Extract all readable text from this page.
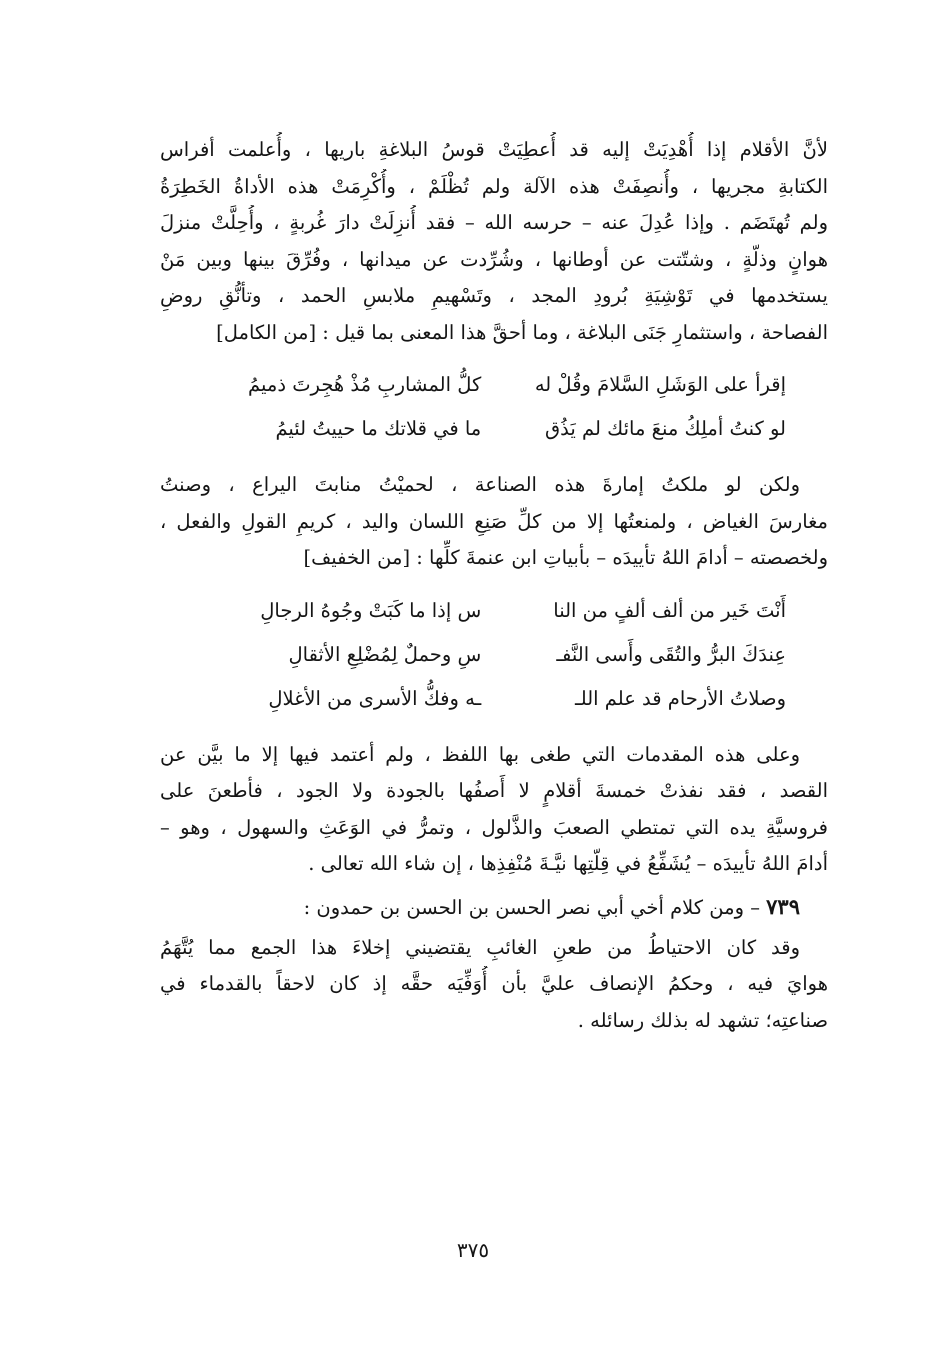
لأنَّ الأقلام إذا أُهْدِيَتْ إليه قد أُعطِيَتْ قوسُ البلاغةِ باريها ، وأُعلمت أفراس
الكتابةِ مجريها ، وأُنصِفَتْ هذه الآلة ولم تُظْلَمْ ، وأُكْرِمَتْ هذه الأداةُ الخَطِرَةُ
ولم تُهتَضَم . وإذا عُدِلَ عنه – حرسه الله – فقد أُنزِلَتْ دارَ غُربةٍ ، وأُحِلَّتْ منزلَ
هوانٍ وذلّةٍ ، وشتّتت عن أوطانها ، وشُرِّدت عن ميدانها ، وفُرِّقَ بينها وبين مَنْ
يستخدمها في تَوْشِيَةِ بُرودِ المجد ، وتَسْهيمِ ملابسِ الحمد ، وتأنُّقِ روضِ
الفصاحة ، واستثمارِ جَنَى البلاغة ، وما أحقَّ هذا المعنى بما قيل : [من الكامل]
إقرأ على الوَشَلِ السَّلامَ وقُلْ له
كلُّ المشاربِ مُذْ هُجِرتَ ذميمُ
لو كنتُ أملِكُ منعَ مائك لم يَذُق
ما في قلاتك ما حييتُ لئيمُ
ولكن لو ملكتُ إمارةَ هذه الصناعة ، لحميْتُ منابتَ اليراع ، وصنتُ
مغارسَ الغياض ، ولمنعتُها إلا من كلِّ صَنِعِ اللسان واليد ، كريمِ القولِ والفعل ،
ولخصصته – أدامَ اللهُ تأييدَه – بأبياتِ ابن عنمةَ كلِّها : [من الخفيف]
أَنْتَ خَير من ألف ألفٍ من النا
س إذا ما كَبَتْ وجُوهُ الرجالِ
عِندَكَ البرُّ والتُقَى وأَسى النَّفـ
سِ وحملٌ لِمُضْلِعِ الأثقالِ
وصلاتُ الأرحام قد علم اللـ
ـه وفكُّ الأسرى من الأغلالِ
وعلى هذه المقدمات التي طغى بها اللفظ ، ولم أعتمد فيها إلا ما بيَّن عن
القصد ، فقد نفذتْ خمسةَ أقلامٍ لا أَصفُها بالجودة ولا الجود ، فأطعنَ على
فروسيَّةِ يده التي تمتطي الصعبَ والذَّلول ، وتمرُّ في الوَعَثِ والسهول ، وهو –
أدامَ اللهُ تأييدَه – يُشَفِّعُ في قِلّتِها نيَّـةَ مُنْفِذِها ، إن شاء الله تعالى .
٧٣٩ – ومن كلام أخي أبي نصر الحسن بن الحسن بن حمدون :
وقد كان الاحتياطُ من طعنِ الغائبِ يقتضيني إخلاءَ هذا الجمع مما يُتَّهَمُ
هوايَ فيه ، وحكمُ الإنصاف عليَّ بأن أُوَفِّيَه حقَّه إذ كان لاحقاً بالقدماء في
صناعتِه؛ تشهد له بذلك رسائله .
٣٧٥
